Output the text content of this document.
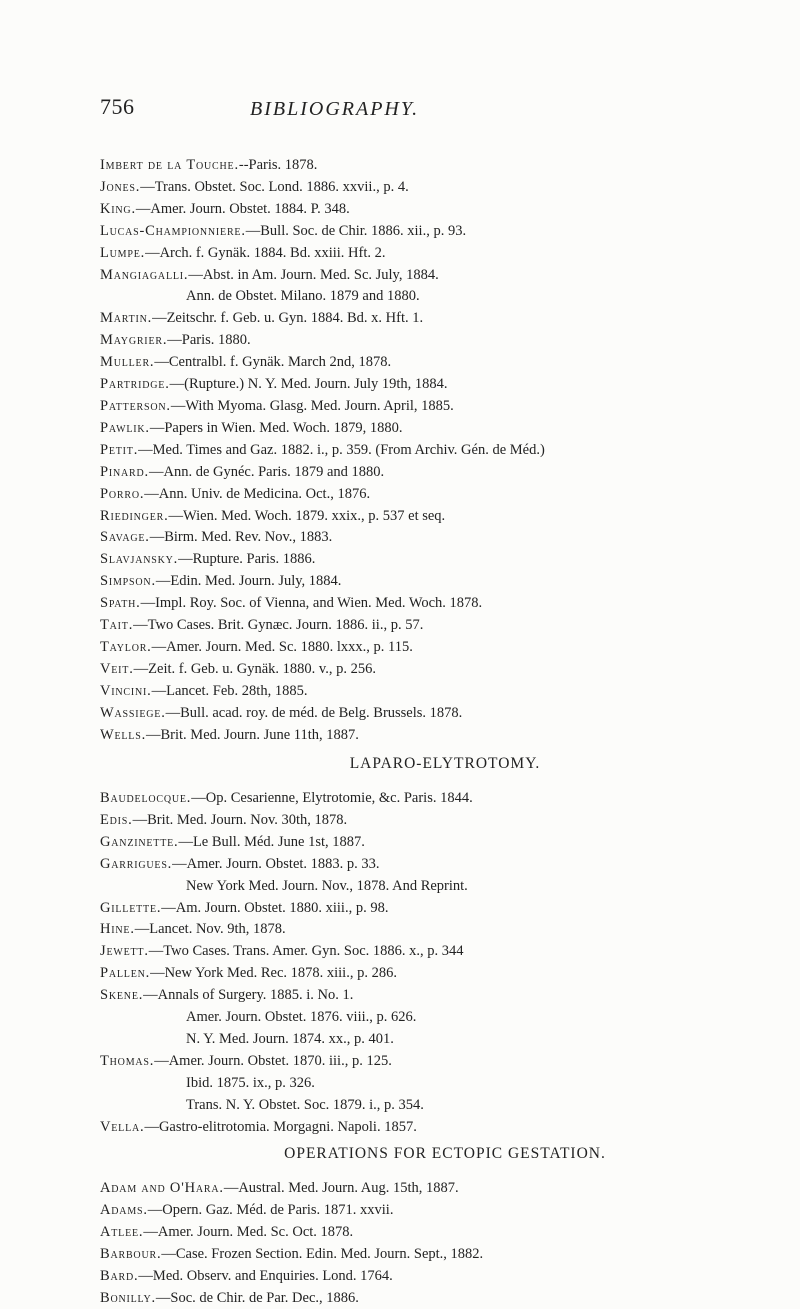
756	BIBLIOGRAPHY.
Imbert de la Touche.--Paris. 1878.
Jones.—Trans. Obstet. Soc. Lond. 1886. xxvii., p. 4.
King.—Amer. Journ. Obstet. 1884. P. 348.
Lucas-Championniere.—Bull. Soc. de Chir. 1886. xii., p. 93.
Lumpe.—Arch. f. Gynäk. 1884. Bd. xxiii. Hft. 2.
Mangiagalli.—Abst. in Am. Journ. Med. Sc. July, 1884.
Ann. de Obstet. Milano. 1879 and 1880.
Martin.—Zeitschr. f. Geb. u. Gyn. 1884. Bd. x. Hft. 1.
Maygrier.—Paris. 1880.
Muller.—Centralbl. f. Gynäk. March 2nd, 1878.
Partridge.—(Rupture.) N. Y. Med. Journ. July 19th, 1884.
Patterson.—With Myoma. Glasg. Med. Journ. April, 1885.
Pawlik.—Papers in Wien. Med. Woch. 1879, 1880.
Petit.—Med. Times and Gaz. 1882. i., p. 359. (From Archiv. Gén. de Méd.)
Pinard.—Ann. de Gynéc. Paris. 1879 and 1880.
Porro.—Ann. Univ. de Medicina. Oct., 1876.
Riedinger.—Wien. Med. Woch. 1879. xxix., p. 537 et seq.
Savage.—Birm. Med. Rev. Nov., 1883.
Slavjansky.—Rupture. Paris. 1886.
Simpson.—Edin. Med. Journ. July, 1884.
Spath.—Impl. Roy. Soc. of Vienna, and Wien. Med. Woch. 1878.
Tait.—Two Cases. Brit. Gynæc. Journ. 1886. ii., p. 57.
Taylor.—Amer. Journ. Med. Sc. 1880. lxxx., p. 115.
Veit.—Zeit. f. Geb. u. Gynäk. 1880. v., p. 256.
Vincini.—Lancet. Feb. 28th, 1885.
Wassiege.—Bull. acad. roy. de méd. de Belg. Brussels. 1878.
Wells.—Brit. Med. Journ. June 11th, 1887.
LAPARO-ELYTROTOMY.
Baudelocque.—Op. Cesarienne, Elytrotomie, &c. Paris. 1844.
Edis.—Brit. Med. Journ. Nov. 30th, 1878.
Ganzinette.—Le Bull. Méd. June 1st, 1887.
Garrigues.—Amer. Journ. Obstet. 1883. p. 33.
New York Med. Journ. Nov., 1878. And Reprint.
Gillette.—Am. Journ. Obstet. 1880. xiii., p. 98.
Hine.—Lancet. Nov. 9th, 1878.
Jewett.—Two Cases. Trans. Amer. Gyn. Soc. 1886. x., p. 344
Pallen.—New York Med. Rec. 1878. xiii., p. 286.
Skene.—Annals of Surgery. 1885. i. No. 1.
Amer. Journ. Obstet. 1876. viii., p. 626.
N. Y. Med. Journ. 1874. xx., p. 401.
Thomas.—Amer. Journ. Obstet. 1870. iii., p. 125.
Ibid. 1875. ix., p. 326.
Trans. N. Y. Obstet. Soc. 1879. i., p. 354.
Vella.—Gastro-elitrotomia. Morgagni. Napoli. 1857.
OPERATIONS FOR ECTOPIC GESTATION.
Adam and O'Hara.—Austral. Med. Journ. Aug. 15th, 1887.
Adams.—Opern. Gaz. Méd. de Paris. 1871. xxvii.
Atlee.—Amer. Journ. Med. Sc. Oct. 1878.
Barbour.—Case. Frozen Section. Edin. Med. Journ. Sept., 1882.
Bard.—Med. Observ. and Enquiries. Lond. 1764.
Bonilly.—Soc. de Chir. de Par. Dec., 1886.
